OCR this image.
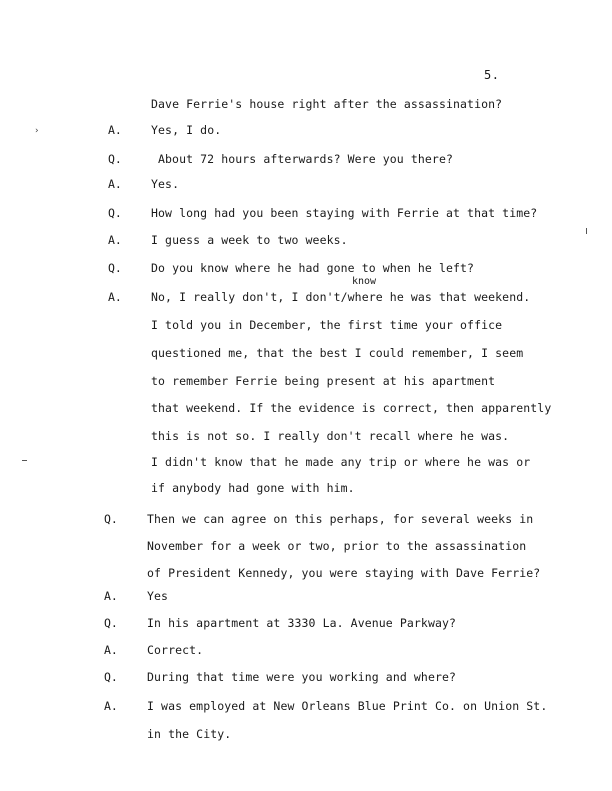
5.
›
Dave Ferrie's house right after the assassination?
A.	Yes, I do.
Q.	About 72 hours afterwards? Were you there?
A.	Yes.
Q.	How long had you been staying with Ferrie at that time?
A.	I guess a week to two weeks.
Q.	Do you know where he had gone to when he left?
know
A.	No, I really don't, I don't/where he was that weekend.
I told you in December, the first time your office
questioned me, that the best I could remember, I seem
to remember Ferrie being present at his apartment
that weekend. If the evidence is correct, then apparently
this is not so. I really don't recall where he was.
I didn't know that he made any trip or where he was or
if anybody had gone with him.
Q.	Then we can agree on this perhaps, for several weeks in
November for a week or two, prior to the assassination
of President Kennedy, you were staying with Dave Ferrie?
A.	Yes
Q.	In his apartment at 3330 La. Avenue Parkway?
A.	Correct.
Q.	During that time were you working and where?
A.	I was employed at New Orleans Blue Print Co. on Union St.
in the City.
